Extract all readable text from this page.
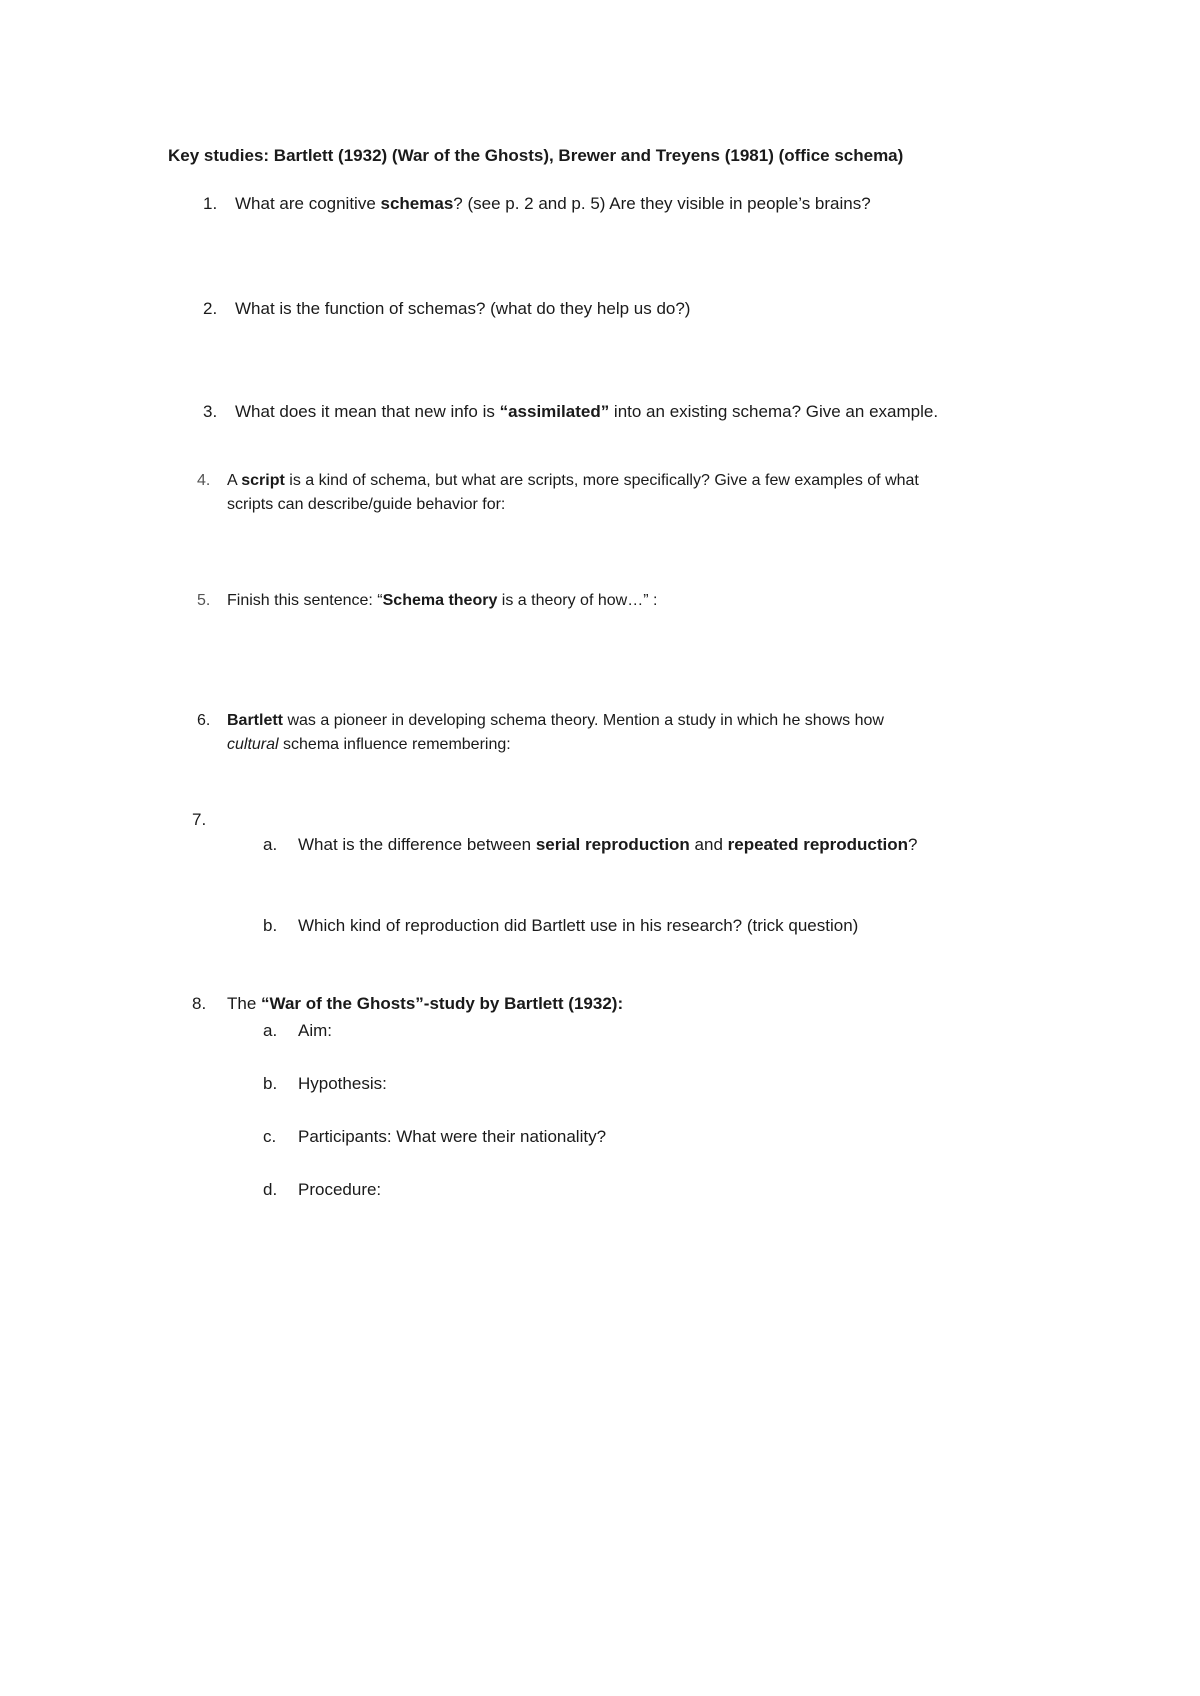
Key studies: Bartlett (1932) (War of the Ghosts), Brewer and Treyens (1981) (office schema)
1. What are cognitive schemas? (see p. 2 and p. 5) Are they visible in people’s brains?
2. What is the function of schemas? (what do they help us do?)
3. What does it mean that new info is “assimilated” into an existing schema? Give an example.
4. A script is a kind of schema, but what are scripts, more specifically? Give a few examples of what
scripts can describe/guide behavior for:
5. Finish this sentence: “Schema theory is a theory of how…” :
6. Bartlett was a pioneer in developing schema theory. Mention a study in which he shows how
cultural schema influence remembering:
7.
a. What is the difference between serial reproduction and repeated reproduction?
b. Which kind of reproduction did Bartlett use in his research? (trick question)
8. The “War of the Ghosts”-study by Bartlett (1932):
a. Aim:
b. Hypothesis:
c. Participants: What were their nationality?
d. Procedure:
